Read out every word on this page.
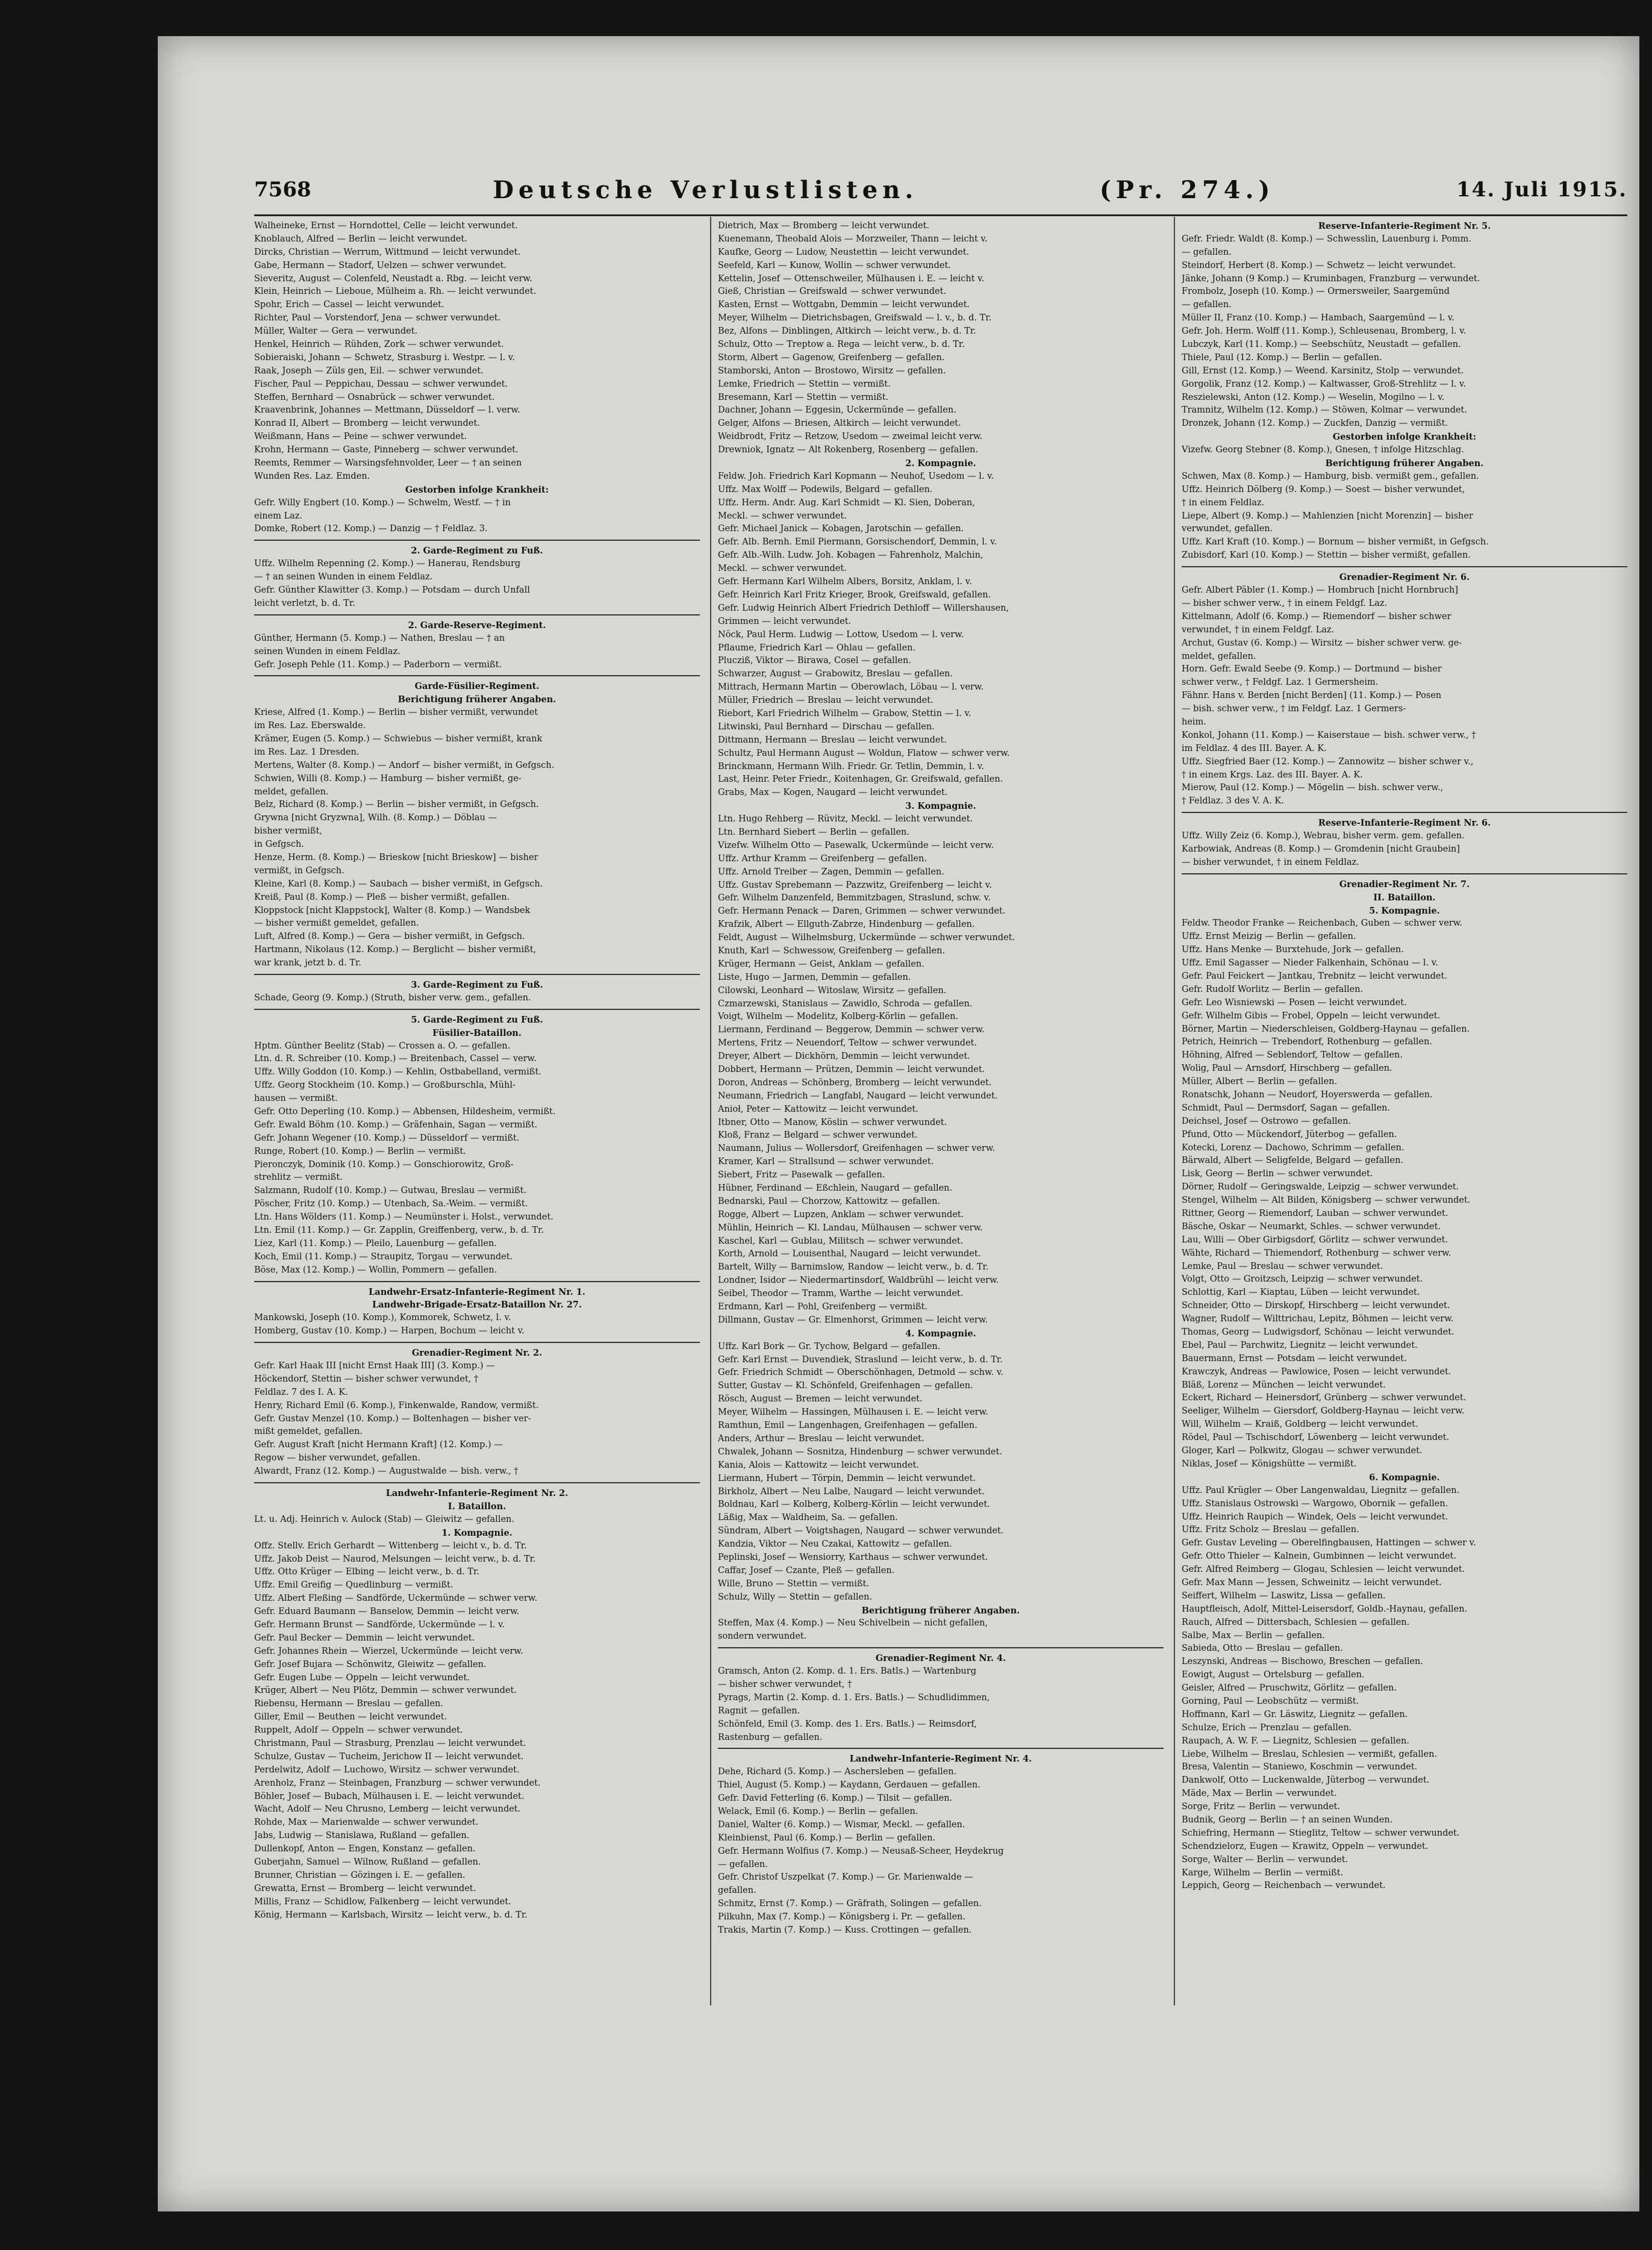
7568	Deutsche Verlustlisten.	(Pr. 274.)	14. Juli 1915.
Walheineke, Ernst — Horndottel, Celle — leicht verwundet.
Knoblauch, Alfred — Berlin — leicht verwundet.
Dircks, Christian — Werrum, Wittmund — leicht verwundet.
Gabe, Hermann — Stadorf, Uelzen — schwer verwundet.
Sieveritz, August — Colenfeld, Neustadt a. Rbg. — leicht verw.
Klein, Heinrich — Lieboue, Mülheim a. Rh. — leicht verwundet.
Spohr, Erich — Cassel — leicht verwundet.
Richter, Paul — Vorstendorf, Jena — schwer verwundet.
Müller, Walter — Gera — verwundet.
Henkel, Heinrich — Rühden, Zork — schwer verwundet.
Sobieraiski, Johann — Schwetz, Strasburg i. Westpr. — l. v.
Raak, Joseph — Züls gen, Eil. — schwer verwundet.
Fischer, Paul — Peppichau, Dessau — schwer verwundet.
Steffen, Bernhard — Osnabrück — schwer verwundet.
Kraavenbrink, Johannes — Mettmann, Düsseldorf — l. verw.
Konrad II, Albert — Bromberg — leicht verwundet.
Weißmann, Hans — Peine — schwer verwundet.
Krohn, Hermann — Gaste, Pinneberg — schwer verwundet.
Reemts, Remmer — Warsingsfehnvolder, Leer — † an seinen
Wunden Res. Laz. Emden.
Gestorben infolge Krankheit:
Gefr. Willy Engbert (10. Komp.) — Schwelm, Westf. — † in
einem Laz.
Domke, Robert (12. Komp.) — Danzig — † Feldlaz. 3.
2. Garde-Regiment zu Fuß.
Uffz. Wilhelm Repenning (2. Komp.) — Hanerau, Rendsburg
— † an seinen Wunden in einem Feldlaz.
Gefr. Günther Klawitter (3. Komp.) — Potsdam — durch Unfall
leicht verletzt, b. d. Tr.
2. Garde-Reserve-Regiment.
Günther, Hermann (5. Komp.) — Nathen, Breslau — † an
seinen Wunden in einem Feldlaz.
Gefr. Joseph Pehle (11. Komp.) — Paderborn — vermißt.
Garde-Füsilier-Regiment.
Berichtigung früherer Angaben.
Kriese, Alfred (1. Komp.) — Berlin — bisher vermißt, verwundet
im Res. Laz. Eberswalde.
Krämer, Eugen (5. Komp.) — Schwiebus — bisher vermißt, krank
im Res. Laz. 1 Dresden.
Mertens, Walter (8. Komp.) — Andorf — bisher vermißt, in Gefgsch.
Schwien, Willi (8. Komp.) — Hamburg — bisher vermißt, ge-
meldet, gefallen.
Belz, Richard (8. Komp.) — Berlin — bisher vermißt, in Gefgsch.
Grywna [nicht Gryzwna], Wilh. (8. Komp.) — Döblau —
bisher vermißt,
in Gefgsch.
Henze, Herm. (8. Komp.) — Brieskow [nicht Brieskow] — bisher
vermißt, in Gefgsch.
Kleine, Karl (8. Komp.) — Saubach — bisher vermißt, in Gefgsch.
Kreiß, Paul (8. Komp.) — Pleß — bisher vermißt, gefallen.
Kloppstock [nicht Klappstock], Walter (8. Komp.) — Wandsbek
— bisher vermißt gemeldet, gefallen.
Luft, Alfred (8. Komp.) — Gera — bisher vermißt, in Gefgsch.
Hartmann, Nikolaus (12. Komp.) — Berglicht — bisher vermißt,
war krank, jetzt b. d. Tr.
3. Garde-Regiment zu Fuß.
Schade, Georg (9. Komp.) (Struth, bisher verw. gem., gefallen.
5. Garde-Regiment zu Fuß.
Füsilier-Bataillon.
Hptm. Günther Beelitz (Stab) — Crossen a. O. — gefallen.
Ltn. d. R. Schreiber (10. Komp.) — Breitenbach, Cassel — verw.
Uffz. Willy Goddon (10. Komp.) — Kehlin, Ostbabelland, vermißt.
Uffz. Georg Stockheim (10. Komp.) — Großburschla, Mühl-
hausen — vermißt.
Gefr. Otto Deperling (10. Komp.) — Abbensen, Hildesheim, vermißt.
Gefr. Ewald Böhm (10. Komp.) — Gräfenhain, Sagan — vermißt.
Gefr. Johann Wegener (10. Komp.) — Düsseldorf — vermißt.
Runge, Robert (10. Komp.) — Berlin — vermißt.
Pieronczyk, Dominik (10. Komp.) — Gonschiorowitz, Groß-
strehlitz — vermißt.
Salzmann, Rudolf (10. Komp.) — Gutwau, Breslau — vermißt.
Pöscher, Fritz (10. Komp.) — Utenbach, Sa.-Weim. — vermißt.
Ltn. Hans Wölders (11. Komp.) — Neumünster i. Holst., verwundet.
Ltn. Emil (11. Komp.) — Gr. Zapplin, Greiffenberg, verw., b. d. Tr.
Liez, Karl (11. Komp.) — Pleilo, Lauenburg — gefallen.
Koch, Emil (11. Komp.) — Straupitz, Torgau — verwundet.
Böse, Max (12. Komp.) — Wollin, Pommern — gefallen.
Landwehr-Ersatz-Infanterie-Regiment Nr. 1.
Landwehr-Brigade-Ersatz-Bataillon Nr. 27.
Mankowski, Joseph (10. Komp.), Kommorek, Schwetz, l. v.
Homberg, Gustav (10. Komp.) — Harpen, Bochum — leicht v.
Grenadier-Regiment Nr. 2.
Gefr. Karl Haak III [nicht Ernst Haak III] (3. Komp.) —
Höckendorf, Stettin — bisher schwer verwundet, †
Feldlaz. 7 des I. A. K.
Henry, Richard Emil (6. Komp.), Finkenwalde, Randow, vermißt.
Gefr. Gustav Menzel (10. Komp.) — Boltenhagen — bisher ver-
mißt gemeldet, gefallen.
Gefr. August Kraft [nicht Hermann Kraft] (12. Komp.) —
Regow — bisher verwundet, gefallen.
Alwardt, Franz (12. Komp.) — Augustwalde — bish. verw., †
Landwehr-Infanterie-Regiment Nr. 2.
I. Bataillon.
Lt. u. Adj. Heinrich v. Aulock (Stab) — Gleiwitz — gefallen.
1. Kompagnie.
Offz. Stellv. Erich Gerhardt — Wittenberg — leicht v., b. d. Tr.
Uffz. Jakob Deist — Naurod, Melsungen — leicht verw., b. d. Tr.
Uffz. Otto Krüger — Elbing — leicht verw., b. d. Tr.
Uffz. Emil Greifig — Quedlinburg — vermißt.
Uffz. Albert Fleßing — Sandförde, Uckermünde — schwer verw.
Gefr. Eduard Baumann — Banselow, Demmin — leicht verw.
Gefr. Hermann Brunst — Sandförde, Uckermünde — l. v.
Gefr. Paul Becker — Demmin — leicht verwundet.
Gefr. Johannes Rhein — Wierzel, Uckermünde — leicht verw.
Gefr. Josef Bujara — Schönwitz, Gleiwitz — gefallen.
Gefr. Eugen Lube — Oppeln — leicht verwundet.
Krüger, Albert — Neu Plötz, Demmin — schwer verwundet.
Riebensu, Hermann — Breslau — gefallen.
Giller, Emil — Beuthen — leicht verwundet.
Ruppelt, Adolf — Oppeln — schwer verwundet.
Christmann, Paul — Strasburg, Prenzlau — leicht verwundet.
Schulze, Gustav — Tucheim, Jerichow II — leicht verwundet.
Perdelwitz, Adolf — Luchowo, Wirsitz — schwer verwundet.
Arenholz, Franz — Steinbagen, Franzburg — schwer verwundet.
Böhler, Josef — Bubach, Mülhausen i. E. — leicht verwundet.
Wacht, Adolf — Neu Chrusno, Lemberg — leicht verwundet.
Rohde, Max — Marienwalde — schwer verwundet.
Jabs, Ludwig — Stanislawa, Rußland — gefallen.
Dullenkopf, Anton — Engen, Konstanz — gefallen.
Guberjahn, Samuel — Wilnow, Rußland — gefallen.
Brunner, Christian — Gözingen i. E. — gefallen.
Grewatta, Ernst — Bromberg — leicht verwundet.
Millis, Franz — Schidlow, Falkenberg — leicht verwundet.
König, Hermann — Karlsbach, Wirsitz — leicht verw., b. d. Tr.
Dietrich, Max — Bromberg — leicht verwundet.
Kuenemann, Theobald Alois — Morzweiler, Thann — leicht v.
Kaufke, Georg — Ludow, Neustettin — leicht verwundet.
Seefeld, Karl — Kunow, Wollin — schwer verwundet.
Kettelin, Josef — Ottenschweiler, Mülhausen i. E. — leicht v.
Gieß, Christian — Greifswald — schwer verwundet.
Kasten, Ernst — Wottgabn, Demmin — leicht verwundet.
Meyer, Wilhelm — Dietrichsbagen, Greifswald — l. v., b. d. Tr.
Bez, Alfons — Dinblingen, Altkirch — leicht verw., b. d. Tr.
Schulz, Otto — Treptow a. Rega — leicht verw., b. d. Tr.
Storm, Albert — Gagenow, Greifenberg — gefallen.
Stamborski, Anton — Brostowo, Wirsitz — gefallen.
Lemke, Friedrich — Stettin — vermißt.
Bresemann, Karl — Stettin — vermißt.
Dachner, Johann — Eggesin, Uckermünde — gefallen.
Gelger, Alfons — Briesen, Altkirch — leicht verwundet.
Weidbrodt, Fritz — Retzow, Usedom — zweimal leicht verw.
Drewniok, Ignatz — Alt Rokenberg, Rosenberg — gefallen.
2. Kompagnie.
Feldw. Joh. Friedrich Karl Kopmann — Neuhof, Usedom — l. v.
Uffz. Max Wolff — Podewils, Belgard — gefallen.
Uffz. Herm. Andr. Aug. Karl Schmidt — Kl. Sien, Doberan,
Meckl. — schwer verwundet.
Gefr. Michael Janick — Kobagen, Jarotschin — gefallen.
Gefr. Alb. Bernh. Emil Piermann, Gorsischendorf, Demmin, l. v.
Gefr. Alb.-Wilh. Ludw. Joh. Kobagen — Fahrenholz, Malchin,
Meckl. — schwer verwundet.
Gefr. Hermann Karl Wilhelm Albers, Borsitz, Anklam, l. v.
Gefr. Heinrich Karl Fritz Krieger, Brook, Greifswald, gefallen.
Gefr. Ludwig Heinrich Albert Friedrich Dethloff — Willershausen,
Grimmen — leicht verwundet.
Nöck, Paul Herm. Ludwig — Lottow, Usedom — l. verw.
Pflaume, Friedrich Karl — Ohlau — gefallen.
Plucziß, Viktor — Birawa, Cosel — gefallen.
Schwarzer, August — Grabowitz, Breslau — gefallen.
Mittrach, Hermann Martin — Oberowlach, Löbau — l. verw.
Müller, Friedrich — Breslau — leicht verwundet.
Riebort, Karl Friedrich Wilhelm — Grabow, Stettin — l. v.
Litwinski, Paul Bernhard — Dirschau — gefallen.
Dittmann, Hermann — Breslau — leicht verwundet.
Schultz, Paul Hermann August — Woldun, Flatow — schwer verw.
Brinckmann, Hermann Wilh. Friedr. Gr. Tetlin, Demmin, l. v.
Last, Heinr. Peter Friedr., Koitenhagen, Gr. Greifswald, gefallen.
Grabs, Max — Kogen, Naugard — leicht verwundet.
3. Kompagnie.
Ltn. Hugo Rehberg — Rüvitz, Meckl. — leicht verwundet.
Ltn. Bernhard Siebert — Berlin — gefallen.
Vizefw. Wilhelm Otto — Pasewalk, Uckermünde — leicht verw.
Uffz. Arthur Kramm — Greifenberg — gefallen.
Uffz. Arnold Treiber — Zagen, Demmin — gefallen.
Uffz. Gustav Sprebemann — Pazzwitz, Greifenberg — leicht v.
Gefr. Wilhelm Danzenfeld, Bemmitzbagen, Straslund, schw. v.
Gefr. Hermann Penack — Daren, Grimmen — schwer verwundet.
Krafzik, Albert — Ellguth-Zabrze, Hindenburg — gefallen.
Feldt, August — Wilhelmsburg, Uckermünde — schwer verwundet.
Knuth, Karl — Schwessow, Greifenberg — gefallen.
Krüger, Hermann — Geist, Anklam — gefallen.
Liste, Hugo — Jarmen, Demmin — gefallen.
Cilowski, Leonhard — Witoslaw, Wirsitz — gefallen.
Czmarzewski, Stanislaus — Zawidlo, Schroda — gefallen.
Voigt, Wilhelm — Modelitz, Kolberg-Körlin — gefallen.
Liermann, Ferdinand — Beggerow, Demmin — schwer verw.
Mertens, Fritz — Neuendorf, Teltow — schwer verwundet.
Dreyer, Albert — Dickhörn, Demmin — leicht verwundet.
Dobbert, Hermann — Prützen, Demmin — leicht verwundet.
Doron, Andreas — Schönberg, Bromberg — leicht verwundet.
Neumann, Friedrich — Langfabl, Naugard — leicht verwundet.
Anioł, Peter — Kattowitz — leicht verwundet.
Itbner, Otto — Manow, Köslin — schwer verwundet.
Kloß, Franz — Belgard — schwer verwundet.
Naumann, Julius — Wollersdorf, Greifenhagen — schwer verw.
Kramer, Karl — Strallsund — schwer verwundet.
Siebert, Fritz — Pasewalk — gefallen.
Hübner, Ferdinand — Eßchlein, Naugard — gefallen.
Bednarski, Paul — Chorzow, Kattowitz — gefallen.
Rogge, Albert — Lupzen, Anklam — schwer verwundet.
Mühlin, Heinrich — Kl. Landau, Mülhausen — schwer verw.
Kaschel, Karl — Gublau, Militsch — schwer verwundet.
Korth, Arnold — Louisenthal, Naugard — leicht verwundet.
Bartelt, Willy — Barnimslow, Randow — leicht verw., b. d. Tr.
Londner, Isidor — Niedermartinsdorf, Waldbrühl — leicht verw.
Seibel, Theodor — Tramm, Warthe — leicht verwundet.
Erdmann, Karl — Pohl, Greifenberg — vermißt.
Dillmann, Gustav — Gr. Elmenhorst, Grimmen — leicht verw.
4. Kompagnie.
Uffz. Karl Bork — Gr. Tychow, Belgard — gefallen.
Gefr. Karl Ernst — Duvendiek, Straslund — leicht verw., b. d. Tr.
Gefr. Friedrich Schmidt — Oberschönhagen, Detmold — schw. v.
Sutter, Gustav — Kl. Schönfeld, Greifenhagen — gefallen.
Rösch, August — Bremen — leicht verwundet.
Meyer, Wilhelm — Hassingen, Mülhausen i. E. — leicht verw.
Ramthun, Emil — Langenhagen, Greifenhagen — gefallen.
Anders, Arthur — Breslau — leicht verwundet.
Chwalek, Johann — Sosnitza, Hindenburg — schwer verwundet.
Kania, Alois — Kattowitz — leicht verwundet.
Liermann, Hubert — Törpin, Demmin — leicht verwundet.
Birkholz, Albert — Neu Lalbe, Naugard — leicht verwundet.
Boldnau, Karl — Kolberg, Kolberg-Körlin — leicht verwundet.
Läßig, Max — Waldheim, Sa. — gefallen.
Sündram, Albert — Voigtshagen, Naugard — schwer verwundet.
Kandzia, Viktor — Neu Czakai, Kattowitz — gefallen.
Peplinski, Josef — Wensiorry, Karthaus — schwer verwundet.
Caffar, Josef — Czante, Pleß — gefallen.
Wille, Bruno — Stettin — vermißt.
Schulz, Willy — Stettin — gefallen.
Berichtigung früherer Angaben.
Steffen, Max (4. Komp.) — Neu Schivelbein — nicht gefallen,
sondern verwundet.
Grenadier-Regiment Nr. 4.
Gramsch, Anton (2. Komp. d. 1. Ers. Batls.) — Wartenburg
— bisher schwer verwundet, †
Pyrags, Martin (2. Komp. d. 1. Ers. Batls.) — Schudlidimmen,
Ragnit — gefallen.
Schönfeld, Emil (3. Komp. des 1. Ers. Batls.) — Reimsdorf,
Rastenburg — gefallen.
Landwehr-Infanterie-Regiment Nr. 4.
Dehe, Richard (5. Komp.) — Aschersleben — gefallen.
Thiel, August (5. Komp.) — Kaydann, Gerdauen — gefallen.
Gefr. David Fetterling (6. Komp.) — Tilsit — gefallen.
Welack, Emil (6. Komp.) — Berlin — gefallen.
Daniel, Walter (6. Komp.) — Wismar, Meckl. — gefallen.
Kleinbienst, Paul (6. Komp.) — Berlin — gefallen.
Gefr. Hermann Wolfius (7. Komp.) — Neusaß-Scheer, Heydekrug
— gefallen.
Gefr. Christof Uszpelkat (7. Komp.) — Gr. Marienwalde —
gefallen.
Schmitz, Ernst (7. Komp.) — Gräfrath, Solingen — gefallen.
Pilkuhn, Max (7. Komp.) — Königsberg i. Pr. — gefallen.
Trakis, Martin (7. Komp.) — Kuss. Crottingen — gefallen.
Reserve-Infanterie-Regiment Nr. 5.
Gefr. Friedr. Waldt (8. Komp.) — Schwesslin, Lauenburg i. Pomm.
— gefallen.
Steindorf, Herbert (8. Komp.) — Schwetz — leicht verwundet.
Jänke, Johann (9 Komp.) — Kruminbagen, Franzburg — verwundet.
Frombolz, Joseph (10. Komp.) — Ormersweiler, Saargemünd
— gefallen.
Müller II, Franz (10. Komp.) — Hambach, Saargemünd — l. v.
Gefr. Joh. Herm. Wolff (11. Komp.), Schleusenau, Bromberg, l. v.
Lubczyk, Karl (11. Komp.) — Seebschütz, Neustadt — gefallen.
Thiele, Paul (12. Komp.) — Berlin — gefallen.
Gill, Ernst (12. Komp.) — Weend. Karsinitz, Stolp — verwundet.
Gorgolik, Franz (12. Komp.) — Kaltwasser, Groß-Strehlitz — l. v.
Reszielewski, Anton (12. Komp.) — Weselin, Mogilno — l. v.
Tramnitz, Wilhelm (12. Komp.) — Stöwen, Kolmar — verwundet.
Dronzek, Johann (12. Komp.) — Zuckfen, Danzig — vermißt.
Gestorben infolge Krankheit:
Vizefw. Georg Stebner (8. Komp.), Gnesen, † infolge Hitzschlag.
Berichtigung früherer Angaben.
Schwen, Max (8. Komp.) — Hamburg, bisb. vermißt gem., gefallen.
Uffz. Heinrich Dölberg (9. Komp.) — Soest — bisher verwundet,
† in einem Feldlaz.
Liepe, Albert (9. Komp.) — Mahlenzien [nicht Morenzin] — bisher
verwundet, gefallen.
Uffz. Karl Kraft (10. Komp.) — Bornum — bisher vermißt, in Gefgsch.
Zubisdorf, Karl (10. Komp.) — Stettin — bisher vermißt, gefallen.
Grenadier-Regiment Nr. 6.
Gefr. Albert Päbler (1. Komp.) — Hombruch [nicht Hornbruch]
— bisher schwer verw., † in einem Feldgf. Laz.
Kittelmann, Adolf (6. Komp.) — Riemendorf — bisher schwer
verwundet, † in einem Feldgf. Laz.
Archut, Gustav (6. Komp.) — Wirsitz — bisher schwer verw. ge-
meldet, gefallen.
Horn. Gefr. Ewald Seebe (9. Komp.) — Dortmund — bisher
schwer verw., † Feldgf. Laz. 1 Germersheim.
Fähnr. Hans v. Berden [nicht Berden] (11. Komp.) — Posen
— bish. schwer verw., † im Feldgf. Laz. 1 Germers-
heim.
Konkol, Johann (11. Komp.) — Kaiserstaue — bish. schwer verw., †
im Feldlaz. 4 des III. Bayer. A. K.
Uffz. Siegfried Baer (12. Komp.) — Zannowitz — bisher schwer v.,
† in einem Krgs. Laz. des III. Bayer. A. K.
Mierow, Paul (12. Komp.) — Mögelin — bish. schwer verw.,
† Feldlaz. 3 des V. A. K.
Reserve-Infanterie-Regiment Nr. 6.
Uffz. Willy Zeiz (6. Komp.), Webrau, bisher verm. gem. gefallen.
Karbowiak, Andreas (8. Komp.) — Gromdenin [nicht Graubein]
— bisher verwundet, † in einem Feldlaz.
Grenadier-Regiment Nr. 7.
II. Bataillon.
5. Kompagnie.
Feldw. Theodor Franke — Reichenbach, Guben — schwer verw.
Uffz. Ernst Meizig — Berlin — gefallen.
Uffz. Hans Menke — Burxtehude, Jork — gefallen.
Uffz. Emil Sagasser — Nieder Falkenhain, Schönau — l. v.
Gefr. Paul Feickert — Jantkau, Trebnitz — leicht verwundet.
Gefr. Rudolf Worlitz — Berlin — gefallen.
Gefr. Leo Wisniewski — Posen — leicht verwundet.
Gefr. Wilhelm Gibis — Frobel, Oppeln — leicht verwundet.
Börner, Martin — Niederschleisen, Goldberg-Haynau — gefallen.
Petrich, Heinrich — Trebendorf, Rothenburg — gefallen.
Höhning, Alfred — Seblendorf, Teltow — gefallen.
Wolig, Paul — Arnsdorf, Hirschberg — gefallen.
Müller, Albert — Berlin — gefallen.
Ronatschk, Johann — Neudorf, Hoyerswerda — gefallen.
Schmidt, Paul — Dermsdorf, Sagan — gefallen.
Deichsel, Josef — Ostrowo — gefallen.
Pfund, Otto — Mückendorf, Jüterbog — gefallen.
Kotecki, Lorenz — Dachowo, Schrimm — gefallen.
Bärwald, Albert — Seligfelde, Belgard — gefallen.
Lisk, Georg — Berlin — schwer verwundet.
Dörner, Rudolf — Geringswalde, Leipzig — schwer verwundet.
Stengel, Wilhelm — Alt Bilden, Königsberg — schwer verwundet.
Rittner, Georg — Riemendorf, Lauban — schwer verwundet.
Bäsche, Oskar — Neumarkt, Schles. — schwer verwundet.
Lau, Willi — Ober Girbigsdorf, Görlitz — schwer verwundet.
Wähte, Richard — Thiemendorf, Rothenburg — schwer verw.
Lemke, Paul — Breslau — schwer verwundet.
Volgt, Otto — Groitzsch, Leipzig — schwer verwundet.
Schlottig, Karl — Kiaptau, Lüben — leicht verwundet.
Schneider, Otto — Dirskopf, Hirschberg — leicht verwundet.
Wagner, Rudolf — Wilttrichau, Lepitz, Böhmen — leicht verw.
Thomas, Georg — Ludwigsdorf, Schönau — leicht verwundet.
Ebel, Paul — Parchwitz, Liegnitz — leicht verwundet.
Bauermann, Ernst — Potsdam — leicht verwundet.
Krawczyk, Andreas — Pawlowice, Posen — leicht verwundet.
Bläß, Lorenz — München — leicht verwundet.
Eckert, Richard — Heinersdorf, Grünberg — schwer verwundet.
Seeliger, Wilhelm — Giersdorf, Goldberg-Haynau — leicht verw.
Will, Wilhelm — Kraiß, Goldberg — leicht verwundet.
Rödel, Paul — Tschischdorf, Löwenberg — leicht verwundet.
Gloger, Karl — Polkwitz, Glogau — schwer verwundet.
Niklas, Josef — Königshütte — vermißt.
6. Kompagnie.
Uffz. Paul Krügler — Ober Langenwaldau, Liegnitz — gefallen.
Uffz. Stanislaus Ostrowski — Wargowo, Obornik — gefallen.
Uffz. Heinrich Raupich — Windek, Oels — leicht verwundet.
Uffz. Fritz Scholz — Breslau — gefallen.
Gefr. Gustav Leveling — Oberelfingbausen, Hattingen — schwer v.
Gefr. Otto Thieler — Kalnein, Gumbinnen — leicht verwundet.
Gefr. Alfred Reimberg — Glogau, Schlesien — leicht verwundet.
Gefr. Max Mann — Jessen, Schweinitz — leicht verwundet.
Seiffert, Wilhelm — Laswitz, Lissa — gefallen.
Hauptfleisch, Adolf, Mittel-Leisersdorf, Goldb.-Haynau, gefallen.
Rauch, Alfred — Dittersbach, Schlesien — gefallen.
Salbe, Max — Berlin — gefallen.
Sabieda, Otto — Breslau — gefallen.
Leszynski, Andreas — Bischowo, Breschen — gefallen.
Eowigt, August — Ortelsburg — gefallen.
Geisler, Alfred — Pruschwitz, Görlitz — gefallen.
Gorning, Paul — Leobschütz — vermißt.
Hoffmann, Karl — Gr. Läswitz, Liegnitz — gefallen.
Schulze, Erich — Prenzlau — gefallen.
Raupach, A. W. F. — Liegnitz, Schlesien — gefallen.
Liebe, Wilhelm — Breslau, Schlesien — vermißt, gefallen.
Bresa, Valentin — Staniewo, Koschmin — verwundet.
Dankwolf, Otto — Luckenwalde, Jüterbog — verwundet.
Mäde, Max — Berlin — verwundet.
Sorge, Fritz — Berlin — verwundet.
Budnik, Georg — Berlin — † an seinen Wunden.
Schiefring, Hermann — Stieglitz, Teltow — schwer verwundet.
Schendzielorz, Eugen — Krawitz, Oppeln — verwundet.
Sorge, Walter — Berlin — verwundet.
Karge, Wilhelm — Berlin — vermißt.
Leppich, Georg — Reichenbach — verwundet.
